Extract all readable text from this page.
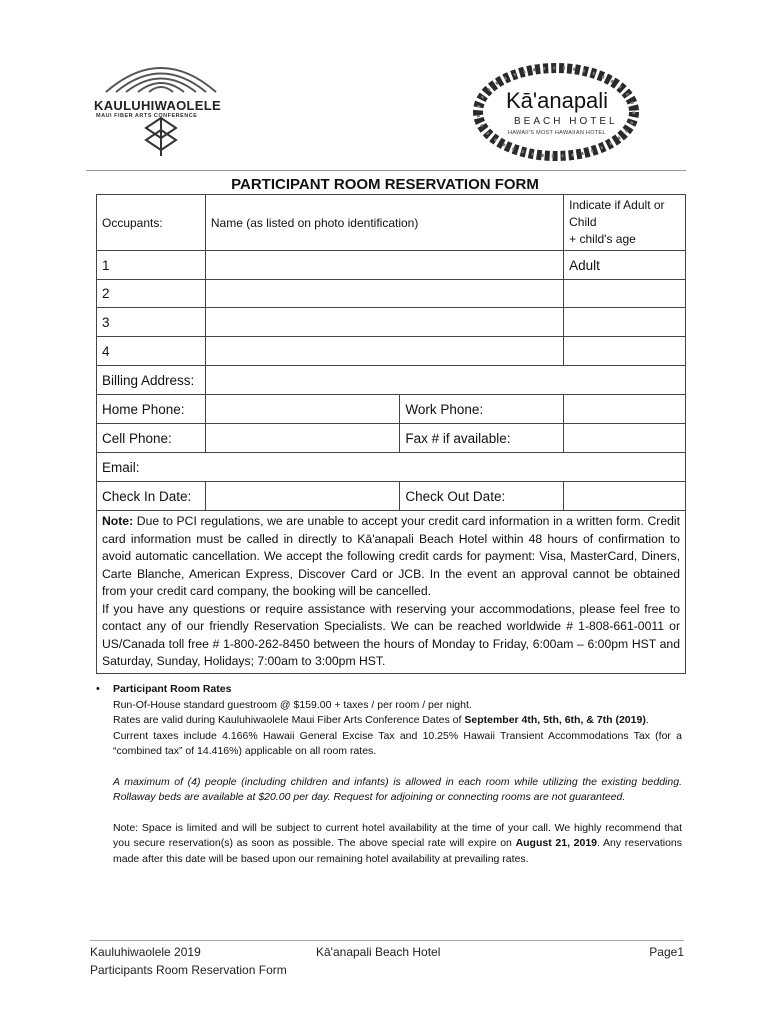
KAULUHIWAOLELE
MAUI FIBER ARTS CONFERENCE
Kā'anapali
BEACH HOTEL
HAWAII'S MOST HAWAIIAN HOTEL
PARTICIPANT ROOM RESERVATION FORM
Occupants:	Name (as listed on photo identification)		Indicate if Adult or
Child
+ child's age
1			Adult
2			
3			
4			
Billing Address:			
Home Phone:		Work Phone:	
Cell Phone:		Fax # if available:	
Email:			
Check In Date:		Check Out Date:	
Note: Due to PCI regulations, we are unable to accept your credit card information in a written form. Credit card information must be called in directly to Kā'anapali Beach Hotel within 48 hours of confirmation to avoid automatic cancellation. We accept the following credit cards for payment: Visa, MasterCard, Diners, Carte Blanche, American Express, Discover Card or JCB. In the event an approval cannot be obtained from your credit card company, the booking will be cancelled.
If you have any questions or require assistance with reserving your accommodations, please feel free to contact any of our friendly Reservation Specialists. We can be reached worldwide # 1-808-661-0011 or US/Canada toll free # 1-800-262-8450 between the hours of Monday to Friday, 6:00am – 6:00pm HST and Saturday, Sunday, Holidays; 7:00am to 3:00pm HST.			
• Participant Room Rates

Run-Of-House standard guestroom @ $159.00 + taxes / per room / per night.

Rates are valid during Kauluhiwaolele Maui Fiber Arts Conference Dates of September 4th, 5th, 6th, & 7th (2019).

Current taxes include 4.166% Hawaii General Excise Tax and 10.25% Hawaii Transient Accommodations Tax (for a “combined tax” of 14.416%) applicable on all room rates.

A maximum of (4) people (including children and infants) is allowed in each room while utilizing the existing bedding. Rollaway beds are available at $20.00 per day. Request for adjoining or connecting rooms are not guaranteed.

Note: Space is limited and will be subject to current hotel availability at the time of your call. We highly recommend that you secure reservation(s) as soon as possible. The above special rate will expire on August 21, 2019. Any reservations made after this date will be based upon our remaining hotel availability at prevailing rates.

Kauluhiwaolele 2019
Participants Room Reservation Form
Kā'anapali Beach Hotel	Page1
